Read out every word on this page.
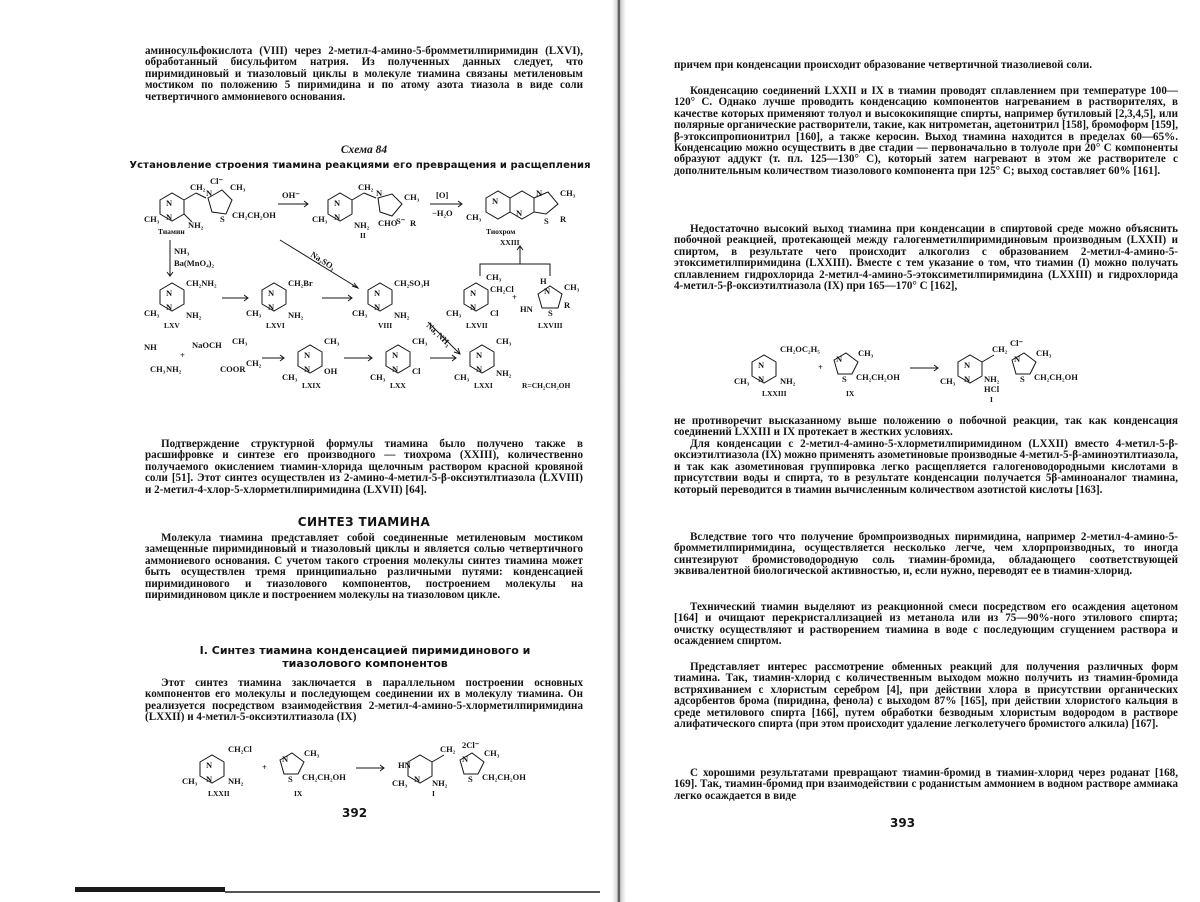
аминосульфокислота (VIII) через 2-метил-4-амино-5-бромметилпиримидин (LXVI), обработанный бисульфитом натрия. Из полученных данных следует, что пиримидиновый и тиазоловый циклы в молекуле тиамина связаны метиленовым мостиком по положению 5 пиримидина и по атому азота тиазола в виде соли четвертичного аммониевого основания.

Схема 84
Установление строения тиамина реакциями его превращения и расщепления
N
N
CH₃
NH₂
CH₂
N
Cl⁻
CH₃
S CH₂CH₂OH
Тиамин
OH⁻
N
N
CH₃
NH₂
CH₂
N	CH₃
CHO
S⁻ R
II
[O]
−H₂O
N
N
N
CH₃
CH₃
S R
Тиохром
XXIII
NH₃
Ba(MnO₄)₂	Na₂SO₃
N
N
CH₂NH₂
CH₃	NH₂
LXV
N
N
CH₂Br
CH₃	NH₂
LXVI
N
N
CH₂SO₃H
CH₃	NH₂
VIII
N
N
CH₃
CH₂Cl
CH₃	Cl
LXVII
+
H
N CH₃
HN S
R
LXVIII
Na, NH₃
NH
CH₃ NH₂
+
NaOCH CH₃
COOR
CH₂
N
N
CH₃
CH₃
OH
LXIX
N
N
CH₃
CH₃
Cl
LXX
N
N
CH₃
CH₃	NH₂
LXXI	R=CH₂CH₂OH

Подтверждение структурной формулы тиамина было получено также в расшифровке и синтезе его производного — тиохрома (XXIII), количественно получаемого окислением тиамин-хлорида щелочным раствором красной кровяной соли [51]. Этот синтез осуществлен из 2-амино-4-метил-5-β-оксиэтилтиазола (LXVIII) и 2-метил-4-хлор-5-хлорметилпиримидина (LXVII) [64].

СИНТЕЗ ТИАМИНА

Молекула тиамина представляет собой соединенные метиленовым мостиком замещенные пиримидиновый и тиазоловый циклы и является солью четвертичного аммониевого основания. С учетом такого строения молекулы синтез тиамина может быть осуществлен тремя принципиально различными путями: конденсацией пиримидинового и тиазолового компонентов, построением молекулы на пиримидиновом цикле и построением молекулы на тиазоловом цикле.

I. Синтез тиамина конденсацией пиримидинового и тиазолового компонентов

Этот синтез тиамина заключается в параллельном построении основных компонентов его молекулы и последующем соединении их в молекулу тиамина. Он реализуется посредством взаимодействия 2-метил-4-амино-5-хлорметилпиримидина (LXXII) и 4-метил-5-оксиэтилтиазола (IX)

N
N
CH₂Cl
CH₃	NH₂
LXXII
+
N
CH₃
S CH₂CH₂OH
IX
HN
N
CH₃	NH₂
CH₂ 2Cl⁻
N
CH₃
S CH₂CH₂OH
I
392

причем при конденсации происходит образование четвертичной тиазолиевой соли.

Конденсацию соединений LXXII и IX в тиамин проводят сплавлением при температуре 100—120° С. Однако лучше проводить конденсацию компонентов нагреванием в растворителях, в качестве которых применяют толуол и высококипящие спирты, например бутиловый [2,3,4,5], или полярные органические растворители, такие, как нитрометан, ацетонитрил [158], бромоформ [159], β-этоксипропионитрил [160], а также керосин. Выход тиамина находится в пределах 60—65%. Конденсацию можно осуществить в две стадии — первоначально в толуоле при 20° С компоненты образуют аддукт (т. пл. 125—130° С), который затем нагревают в этом же растворителе с дополнительным количеством тиазолового компонента при 125° С; выход составляет 60% [161].

Недостаточно высокий выход тиамина при конденсации в спиртовой среде можно объяснить побочной реакцией, протекающей между галогенметилпиримидиновым производным (LXXII) и спиртом, в результате чего происходит алкоголиз с образованием 2-метил-4-амино-5-этоксиметилпиримидина (LXXIII). Вместе с тем указание о том, что тиамин (I) можно получать сплавлением гидрохлорида 2-метил-4-амино-5-этоксиметилпиримидина (LXXIII) и гидрохлорида 4-метил-5-β-оксиэтилтиазола (IX) при 165—170° С [162],

N
N
CH₂OC₂H₅
CH₃	NH₂
LXXIII
+
N
CH₃
S CH₂CH₂OH
IX
N
N
CH₃	NH₂
HCl
CH₂
Cl⁻
N
CH₃
S CH₂CH₂OH
I

не противоречит высказанному выше положению о побочной реакции, так как конденсация соединений LXXIII и IX протекает в жестких условиях.

Для конденсации с 2-метил-4-амино-5-хлорметилпиримидином (LXXII) вместо 4-метил-5-β-оксиэтилтиазола (IX) можно применять азометиновые производные 4-метил-5-β-аминоэтилтиазола, и так как азометиновая группировка легко расщепляется галогеноводородными кислотами в присутствии воды и спирта, то в результате конденсации получается 5β-аминоаналог тиамина, который переводится в тиамин вычисленным количеством азотистой кислоты [163].

Вследствие того что получение бромпроизводных пиримидина, например 2-метил-4-амино-5-бромметилпиримидина, осуществляется несколько легче, чем хлорпроизводных, то иногда синтезируют бромистоводородную соль тиамин-бромида, обладающего соответствующей эквивалентной биологической активностью, и, если нужно, переводят ее в тиамин-хлорид.

Технический тиамин выделяют из реакционной смеси посредством его осаждения ацетоном [164] и очищают перекристаллизацией из метанола или из 75—90%-ного этилового спирта; очистку осуществляют и растворением тиамина в воде с последующим сгущением раствора и осаждением спиртом.

Представляет интерес рассмотрение обменных реакций для получения различных форм тиамина. Так, тиамин-хлорид с количественным выходом можно получить из тиамин-бромида встряхиванием с хлористым серебром [4], при действии хлора в присутствии органических адсорбентов брома (пиридина, фенола) с выходом 87% [165], при действии хлористого кальция в среде метилового спирта [166], путем обработки безводным хлористым водородом в растворе алифатического спирта (при этом происходит удаление легколетучего бромистого алкила) [167].

С хорошими результатами превращают тиамин-бромид в тиамин-хлорид через роданат [168, 169]. Так, тиамин-бромид при взаимодействии с роданистым аммонием в водном растворе аммиака легко осаждается в виде

393
